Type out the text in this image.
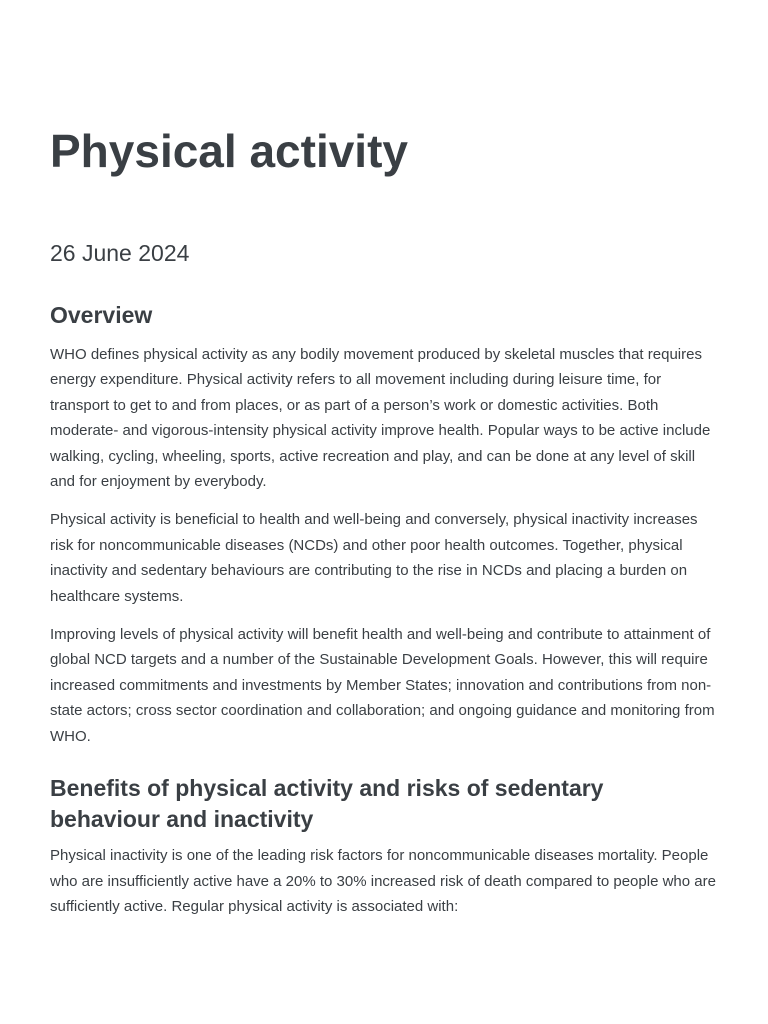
Physical activity
26 June 2024
Overview

WHO defines physical activity as any bodily movement produced by skeletal muscles that requires energy expenditure. Physical activity refers to all movement including during leisure time, for transport to get to and from places, or as part of a person’s work or domestic activities. Both moderate- and vigorous-intensity physical activity improve health. Popular ways to be active include walking, cycling, wheeling, sports, active recreation and play, and can be done at any level of skill and for enjoyment by everybody.

Physical activity is beneficial to health and well-being and conversely, physical inactivity increases risk for noncommunicable diseases (NCDs) and other poor health outcomes. Together, physical inactivity and sedentary behaviours are contributing to the rise in NCDs and placing a burden on healthcare systems.

Improving levels of physical activity will benefit health and well-being and contribute to attainment of global NCD targets and a number of the Sustainable Development Goals. However, this will require increased commitments and investments by Member States; innovation and contributions from non-state actors; cross sector coordination and collaboration; and ongoing guidance and monitoring from WHO.

Benefits of physical activity and risks of sedentary behaviour and inactivity

Physical inactivity is one of the leading risk factors for noncommunicable diseases mortality. People who are insufficiently active have a 20% to 30% increased risk of death compared to people who are sufficiently active. Regular physical activity is associated with:
